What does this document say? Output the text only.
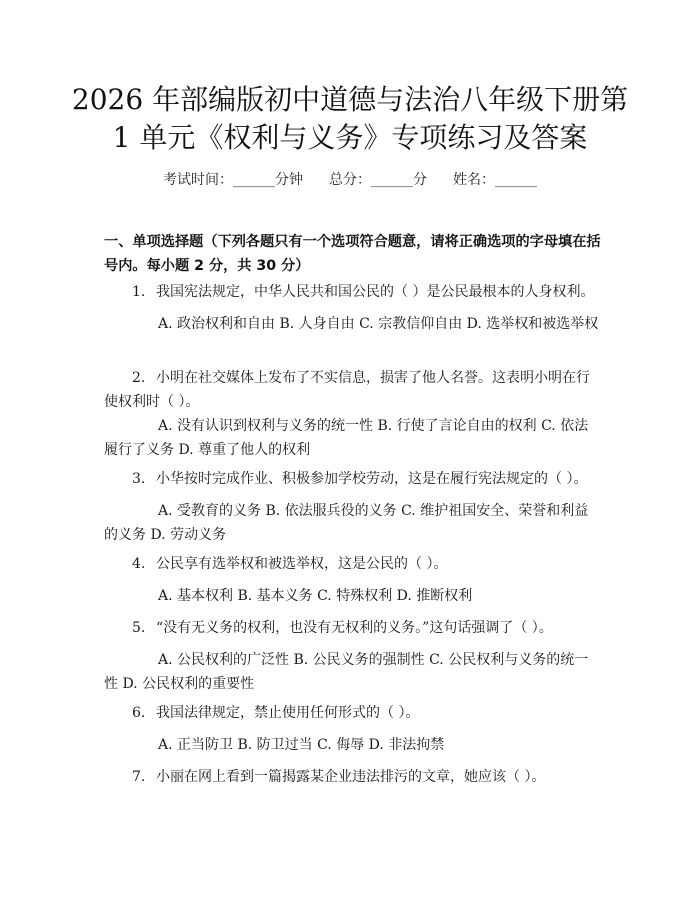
2026 年部编版初中道德与法治八年级下册第
1 单元《权利与义务》专项练习及答案
考试时间：______分钟 总分：______分 姓名：______
一、单项选择题（下列各题只有一个选项符合题意，请将正确选项的字母填在括号内。每小题 2 分，共 30 分）
1. 我国宪法规定，中华人民共和国公民的（ ）是公民最根本的人身权利。
A. 政治权利和自由 B. 人身自由 C. 宗教信仰自由 D. 选举权和被选举权
2. 小明在社交媒体上发布了不实信息，损害了他人名誉。这表明小明在行使权利时（ ）。
A. 没有认识到权利与义务的统一性 B. 行使了言论自由的权利 C. 依法履行了义务 D. 尊重了他人的权利
3. 小华按时完成作业、积极参加学校劳动，这是在履行宪法规定的（ ）。
A. 受教育的义务 B. 依法服兵役的义务 C. 维护祖国安全、荣誉和利益的义务 D. 劳动义务
4. 公民享有选举权和被选举权，这是公民的（ ）。
A. 基本权利 B. 基本义务 C. 特殊权利 D. 推断权利
5. “没有无义务的权利，也没有无权利的义务。”这句话强调了（ ）。
A. 公民权利的广泛性 B. 公民义务的强制性 C. 公民权利与义务的统一性 D. 公民权利的重要性
6. 我国法律规定，禁止使用任何形式的（ ）。
A. 正当防卫 B. 防卫过当 C. 侮辱 D. 非法拘禁
7. 小丽在网上看到一篇揭露某企业违法排污的文章，她应该（ ）。
